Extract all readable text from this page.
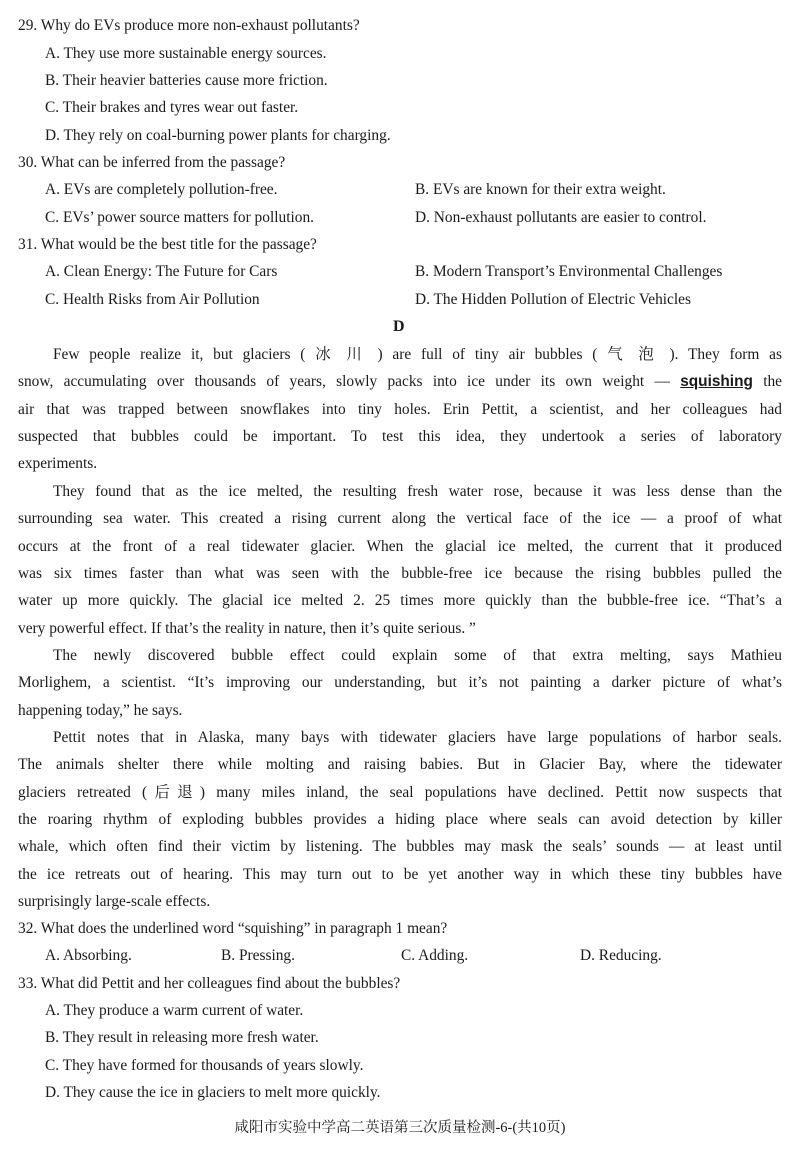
29. Why do EVs produce more non-exhaust pollutants?
A. They use more sustainable energy sources.
B. Their heavier batteries cause more friction.
C. Their brakes and tyres wear out faster.
D. They rely on coal-burning power plants for charging.
30. What can be inferred from the passage?
A. EVs are completely pollution-free.	B. EVs are known for their extra weight.
C. EVs’ power source matters for pollution.	D. Non-exhaust pollutants are easier to control.
31. What would be the best title for the passage?
A. Clean Energy: The Future for Cars	B. Modern Transport’s Environmental Challenges
C. Health Risks from Air Pollution	D. The Hidden Pollution of Electric Vehicles
D
Few people realize it, but glaciers ( 冰 川 ) are full of tiny air bubbles ( 气 泡 ). They form as
snow, accumulating over thousands of years, slowly packs into ice under its own weight — squishing the
air that was trapped between snowflakes into tiny holes. Erin Pettit, a scientist, and her colleagues had
suspected that bubbles could be important. To test this idea, they undertook a series of laboratory
experiments.
They found that as the ice melted, the resulting fresh water rose, because it was less dense than the
surrounding sea water. This created a rising current along the vertical face of the ice — a proof of what
occurs at the front of a real tidewater glacier. When the glacial ice melted, the current that it produced
was six times faster than what was seen with the bubble-free ice because the rising bubbles pulled the
water up more quickly. The glacial ice melted 2. 25 times more quickly than the bubble-free ice. “That’s a
very powerful effect. If that’s the reality in nature, then it’s quite serious. ”
The newly discovered bubble effect could explain some of that extra melting, says Mathieu
Morlighem, a scientist. “It’s improving our understanding, but it’s not painting a darker picture of what’s
happening today,” he says.
Pettit notes that in Alaska, many bays with tidewater glaciers have large populations of harbor seals.
The animals shelter there while molting and raising babies. But in Glacier Bay, where the tidewater
glaciers retreated (后退) many miles inland, the seal populations have declined. Pettit now suspects that
the roaring rhythm of exploding bubbles provides a hiding place where seals can avoid detection by killer
whale, which often find their victim by listening. The bubbles may mask the seals’ sounds — at least until
the ice retreats out of hearing. This may turn out to be yet another way in which these tiny bubbles have
surprisingly large-scale effects.
32. What does the underlined word “squishing” in paragraph 1 mean?
A. Absorbing.	B. Pressing.	C. Adding.	D. Reducing.
33. What did Pettit and her colleagues find about the bubbles?
A. They produce a warm current of water.
B. They result in releasing more fresh water.
C. They have formed for thousands of years slowly.
D. They cause the ice in glaciers to melt more quickly.
咸阳市实验中学高二英语第三次质量检测-6-(共10页)
